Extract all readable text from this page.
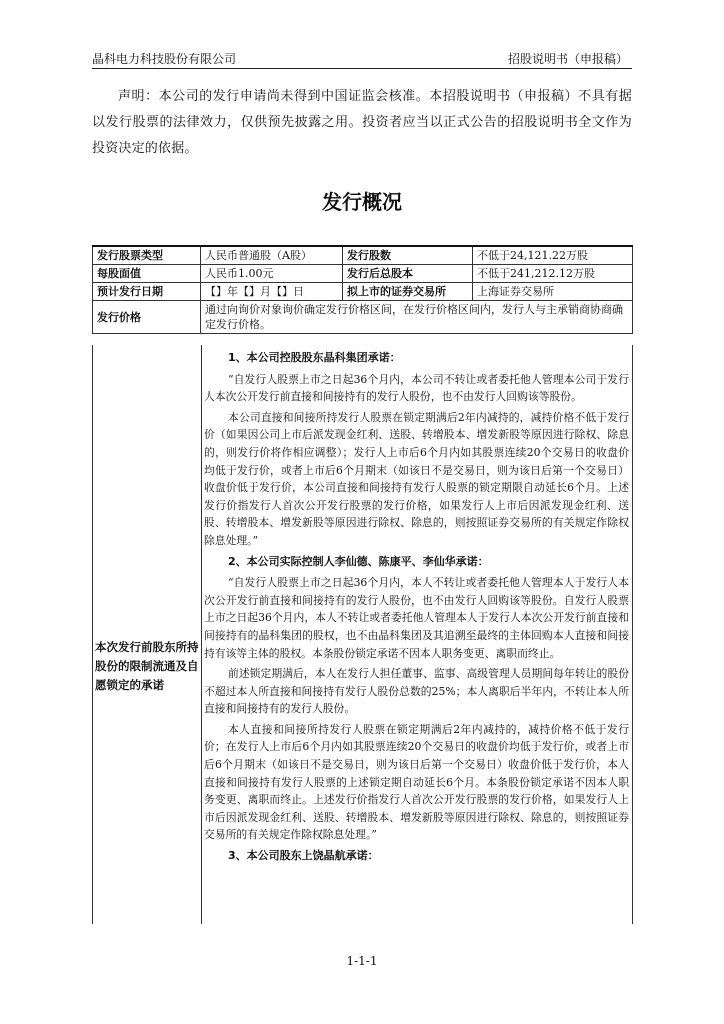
晶科电力科技股份有限公司	招股说明书（申报稿）
声明：本公司的发行申请尚未得到中国证监会核准。本招股说明书（申报稿）不具有据以发行股票的法律效力，仅供预先披露之用。投资者应当以正式公告的招股说明书全文作为投资决定的依据。
发行概况
发行股票类型	人民币普通股（A股）	发行股数	不低于24,121.22万股
每股面值	人民币1.00元	发行后总股本	不低于241,212.12万股
预计发行日期	【】年【】月【】日	拟上市的证券交易所	上海证券交易所
发行价格	通过向询价对象询价确定发行价格区间，在发行价格区间内，发行人与主承销商协商确定发行价格。		
本次发行前股东所持股份的限制流通及自愿锁定的承诺
1、本公司控股股东晶科集团承诺：

“自发行人股票上市之日起36个月内，本公司不转让或者委托他人管理本公司于发行人本次公开发行前直接和间接持有的发行人股份，也不由发行人回购该等股份。

本公司直接和间接所持发行人股票在锁定期满后2年内减持的，减持价格不低于发行价（如果因公司上市后派发现金红利、送股、转增股本、增发新股等原因进行除权、除息的，则发行价将作相应调整）；发行人上市后6个月内如其股票连续20个交易日的收盘价均低于发行价，或者上市后6个月期末（如该日不是交易日，则为该日后第一个交易日）收盘价低于发行价，本公司直接和间接持有发行人股票的锁定期限自动延长6个月。上述发行价指发行人首次公开发行股票的发行价格，如果发行人上市后因派发现金红利、送股、转增股本、增发新股等原因进行除权、除息的，则按照证券交易所的有关规定作除权除息处理。”

2、本公司实际控制人李仙德、陈康平、李仙华承诺：

“自发行人股票上市之日起36个月内，本人不转让或者委托他人管理本人于发行人本次公开发行前直接和间接持有的发行人股份，也不由发行人回购该等股份。自发行人股票上市之日起36个月内，本人不转让或者委托他人管理本人于发行人本次公开发行前直接和间接持有的晶科集团的股权，也不由晶科集团及其追溯至最终的主体回购本人直接和间接持有该等主体的股权。本条股份锁定承诺不因本人职务变更、离职而终止。

前述锁定期满后，本人在发行人担任董事、监事、高级管理人员期间每年转让的股份不超过本人所直接和间接持有发行人股份总数的25%；本人离职后半年内，不转让本人所直接和间接持有的发行人股份。

本人直接和间接所持发行人股票在锁定期满后2年内减持的，减持价格不低于发行价；在发行人上市后6个月内如其股票连续20个交易日的收盘价均低于发行价，或者上市后6个月期末（如该日不是交易日，则为该日后第一个交易日）收盘价低于发行价，本人直接和间接持有发行人股票的上述锁定期自动延长6个月。本条股份锁定承诺不因本人职务变更、离职而终止。上述发行价指发行人首次公开发行股票的发行价格，如果发行人上市后因派发现金红利、送股、转增股本、增发新股等原因进行除权、除息的，则按照证券交易所的有关规定作除权除息处理。”

3、本公司股东上饶晶航承诺：
1-1-1
